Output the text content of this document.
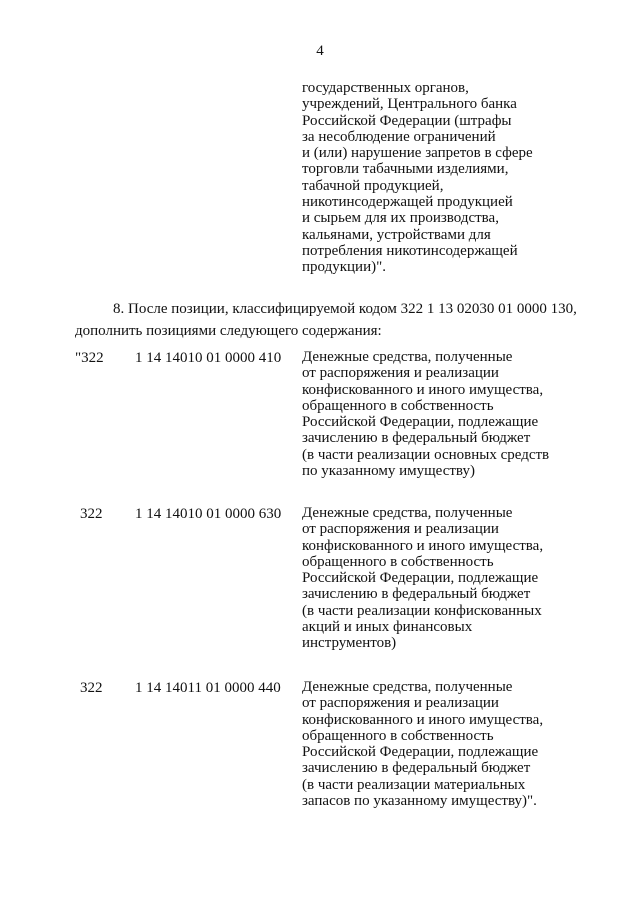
4
государственных органов,
учреждений, Центрального банка
Российской Федерации (штрафы
за несоблюдение ограничений
и (или) нарушение запретов в сфере
торговли табачными изделиями,
табачной продукцией,
никотинсодержащей продукцией
и сырьем для их производства,
кальянами, устройствами для
потребления никотинсодержащей
продукции)".
8. После позиции, классифицируемой кодом 322 1 13 02030 01 0000 130,
дополнить позициями следующего содержания:
"322 1 14 14010 01 0000 410 Денежные средства, полученные
от распоряжения и реализации
конфискованного и иного имущества,
обращенного в собственность
Российской Федерации, подлежащие
зачислению в федеральный бюджет
(в части реализации основных средств
по указанному имуществу)
322 1 14 14010 01 0000 630 Денежные средства, полученные
от распоряжения и реализации
конфискованного и иного имущества,
обращенного в собственность
Российской Федерации, подлежащие
зачислению в федеральный бюджет
(в части реализации конфискованных
акций и иных финансовых
инструментов)
322 1 14 14011 01 0000 440 Денежные средства, полученные
от распоряжения и реализации
конфискованного и иного имущества,
обращенного в собственность
Российской Федерации, подлежащие
зачислению в федеральный бюджет
(в части реализации материальных
запасов по указанному имуществу)".
